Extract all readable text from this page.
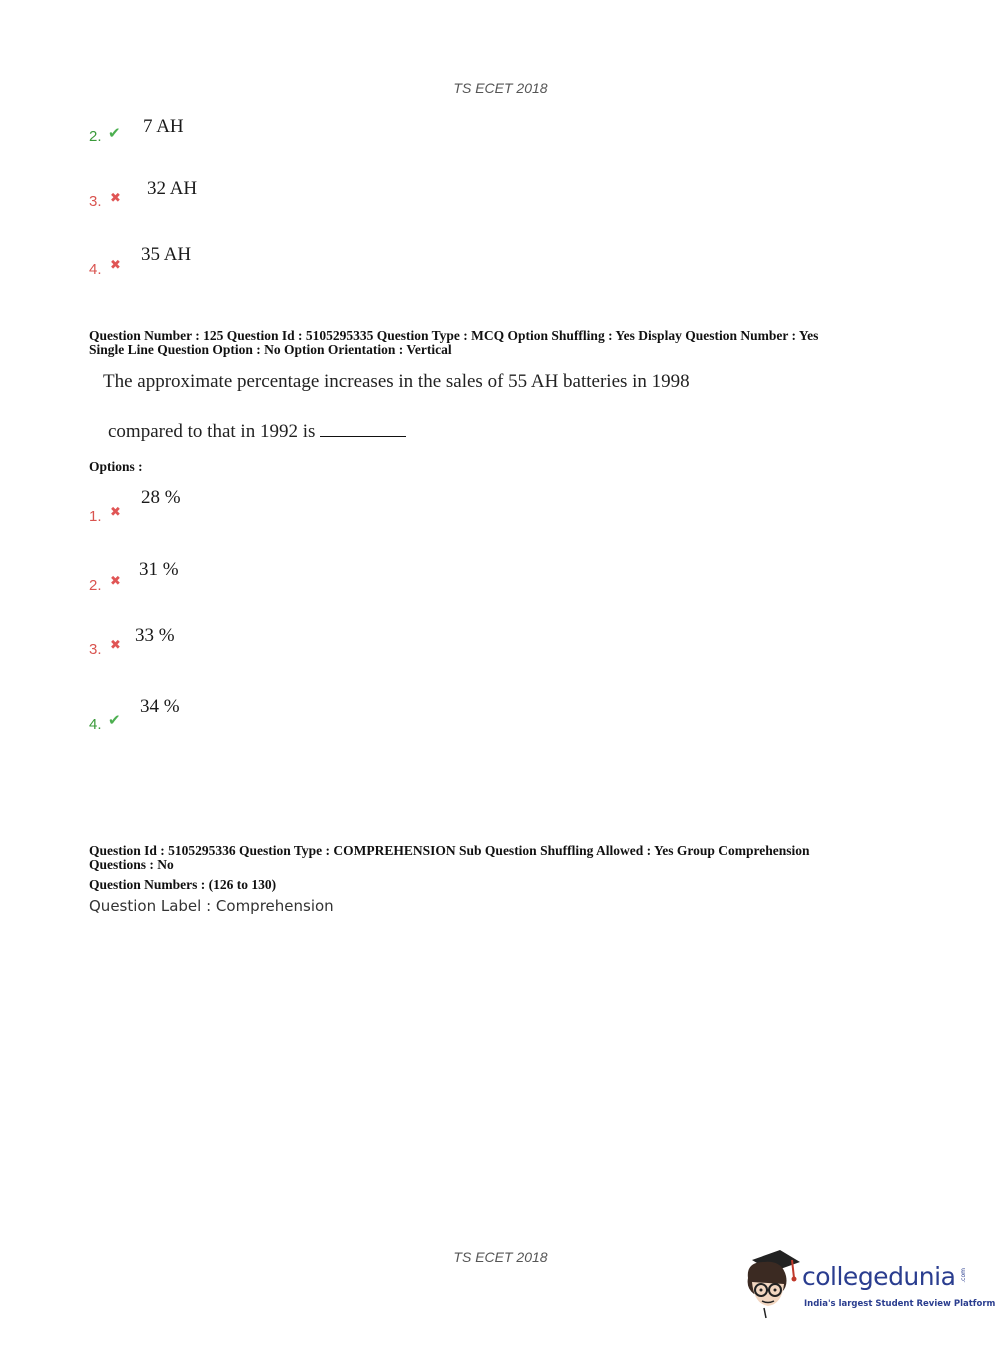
TS ECET 2018
2. ✔ 7 AH
3. ✖ 32 AH
4. ✖
35 AH
Question Number : 125 Question Id : 5105295335 Question Type : MCQ Option Shuffling : Yes Display Question Number : Yes
Single Line Question Option : No Option Orientation : Vertical
The approximate percentage increases in the sales of 55 AH batteries in 1998
compared to that in 1992 is
Options :
1. ✖
28 %
2. ✖
31 %
3. ✖ 33 %
4. ✔
34 %
Question Id : 5105295336 Question Type : COMPREHENSION Sub Question Shuffling Allowed : Yes Group Comprehension
Questions : No
Question Numbers : (126 to 130)
Question Label : Comprehension
TS ECET 2018
collegedunia .com
India's largest Student Review Platform
